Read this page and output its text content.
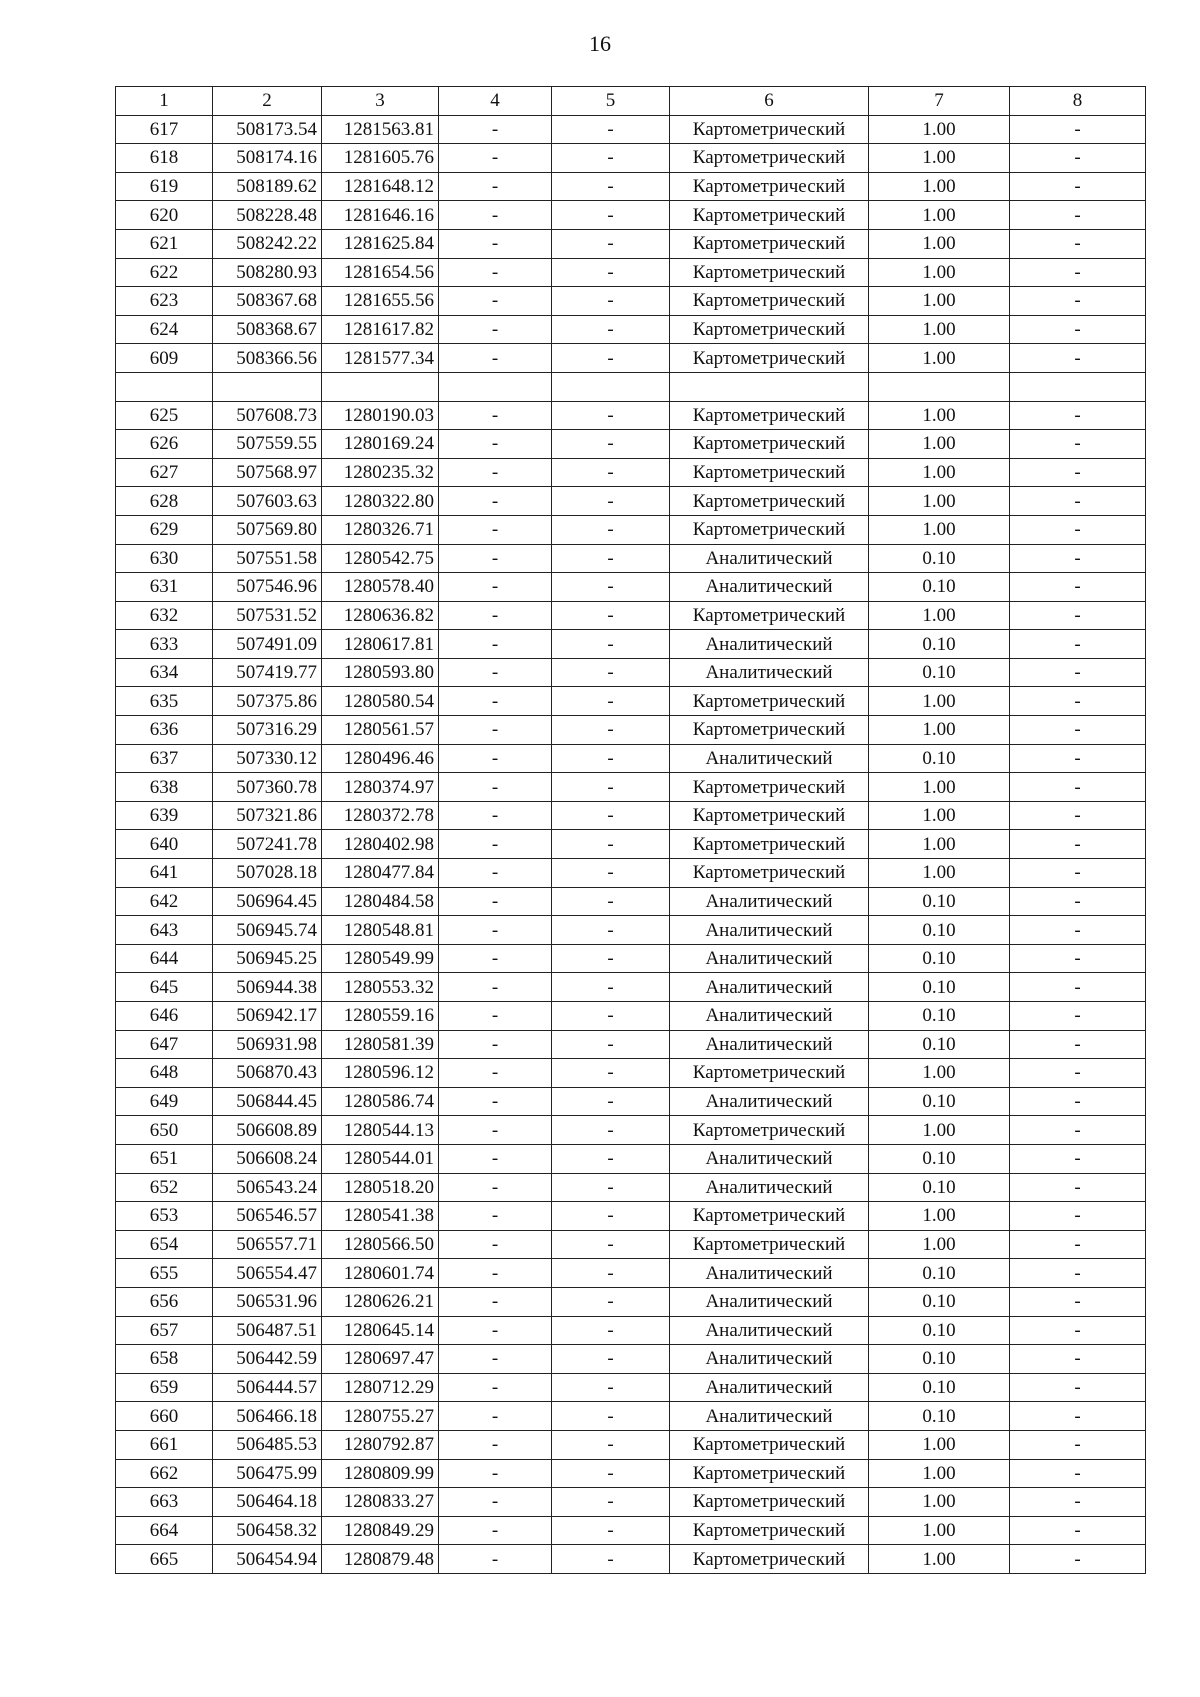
16
1	2	3	4	5	6	7	8
617	508173.54	1281563.81	-	-	Картометрический	1.00	-
618	508174.16	1281605.76	-	-	Картометрический	1.00	-
619	508189.62	1281648.12	-	-	Картометрический	1.00	-
620	508228.48	1281646.16	-	-	Картометрический	1.00	-
621	508242.22	1281625.84	-	-	Картометрический	1.00	-
622	508280.93	1281654.56	-	-	Картометрический	1.00	-
623	508367.68	1281655.56	-	-	Картометрический	1.00	-
624	508368.67	1281617.82	-	-	Картометрический	1.00	-
609	508366.56	1281577.34	-	-	Картометрический	1.00	-

625	507608.73	1280190.03	-	-	Картометрический	1.00	-
626	507559.55	1280169.24	-	-	Картометрический	1.00	-
627	507568.97	1280235.32	-	-	Картометрический	1.00	-
628	507603.63	1280322.80	-	-	Картометрический	1.00	-
629	507569.80	1280326.71	-	-	Картометрический	1.00	-
630	507551.58	1280542.75	-	-	Аналитический	0.10	-
631	507546.96	1280578.40	-	-	Аналитический	0.10	-
632	507531.52	1280636.82	-	-	Картометрический	1.00	-
633	507491.09	1280617.81	-	-	Аналитический	0.10	-
634	507419.77	1280593.80	-	-	Аналитический	0.10	-
635	507375.86	1280580.54	-	-	Картометрический	1.00	-
636	507316.29	1280561.57	-	-	Картометрический	1.00	-
637	507330.12	1280496.46	-	-	Аналитический	0.10	-
638	507360.78	1280374.97	-	-	Картометрический	1.00	-
639	507321.86	1280372.78	-	-	Картометрический	1.00	-
640	507241.78	1280402.98	-	-	Картометрический	1.00	-
641	507028.18	1280477.84	-	-	Картометрический	1.00	-
642	506964.45	1280484.58	-	-	Аналитический	0.10	-
643	506945.74	1280548.81	-	-	Аналитический	0.10	-
644	506945.25	1280549.99	-	-	Аналитический	0.10	-
645	506944.38	1280553.32	-	-	Аналитический	0.10	-
646	506942.17	1280559.16	-	-	Аналитический	0.10	-
647	506931.98	1280581.39	-	-	Аналитический	0.10	-
648	506870.43	1280596.12	-	-	Картометрический	1.00	-
649	506844.45	1280586.74	-	-	Аналитический	0.10	-
650	506608.89	1280544.13	-	-	Картометрический	1.00	-
651	506608.24	1280544.01	-	-	Аналитический	0.10	-
652	506543.24	1280518.20	-	-	Аналитический	0.10	-
653	506546.57	1280541.38	-	-	Картометрический	1.00	-
654	506557.71	1280566.50	-	-	Картометрический	1.00	-
655	506554.47	1280601.74	-	-	Аналитический	0.10	-
656	506531.96	1280626.21	-	-	Аналитический	0.10	-
657	506487.51	1280645.14	-	-	Аналитический	0.10	-
658	506442.59	1280697.47	-	-	Аналитический	0.10	-
659	506444.57	1280712.29	-	-	Аналитический	0.10	-
660	506466.18	1280755.27	-	-	Аналитический	0.10	-
661	506485.53	1280792.87	-	-	Картометрический	1.00	-
662	506475.99	1280809.99	-	-	Картометрический	1.00	-
663	506464.18	1280833.27	-	-	Картометрический	1.00	-
664	506458.32	1280849.29	-	-	Картометрический	1.00	-
665	506454.94	1280879.48	-	-	Картометрический	1.00	-
